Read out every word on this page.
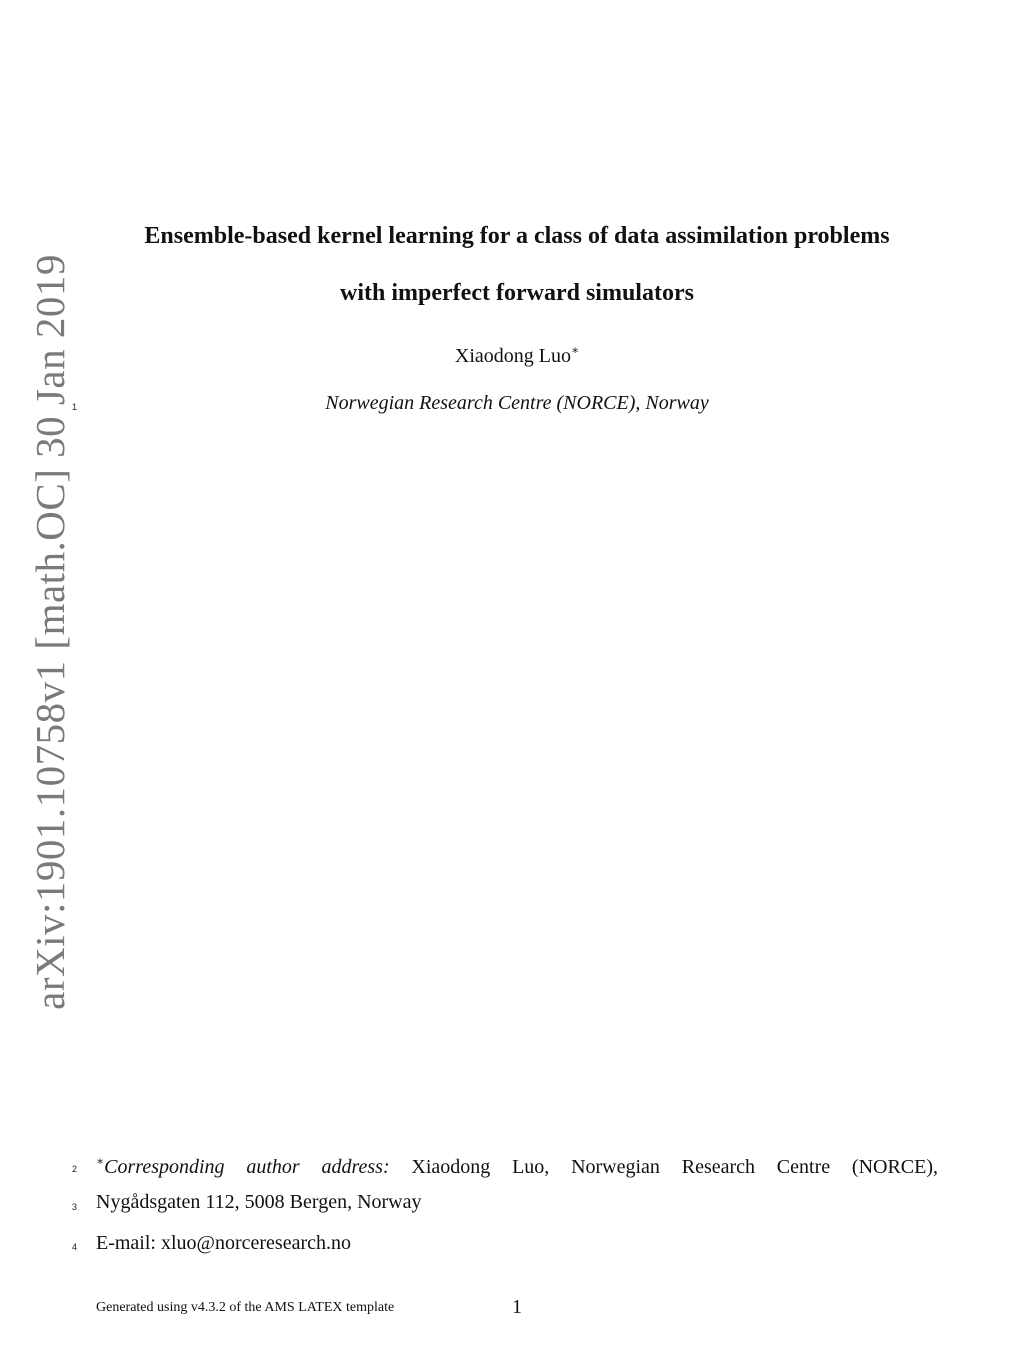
arXiv:1901.10758v1 [math.OC] 30 Jan 2019
Ensemble-based kernel learning for a class of data assimilation problems
with imperfect forward simulators
Xiaodong Luo∗
1	Norwegian Research Centre (NORCE), Norway
2
∗Corresponding author address: Xiaodong Luo, Norwegian Research Centre (NORCE),
3 Nygådsgaten 112, 5008 Bergen, Norway
4 E-mail: xluo@norceresearch.no
Generated using v4.3.2 of the AMS LATEX template	1
